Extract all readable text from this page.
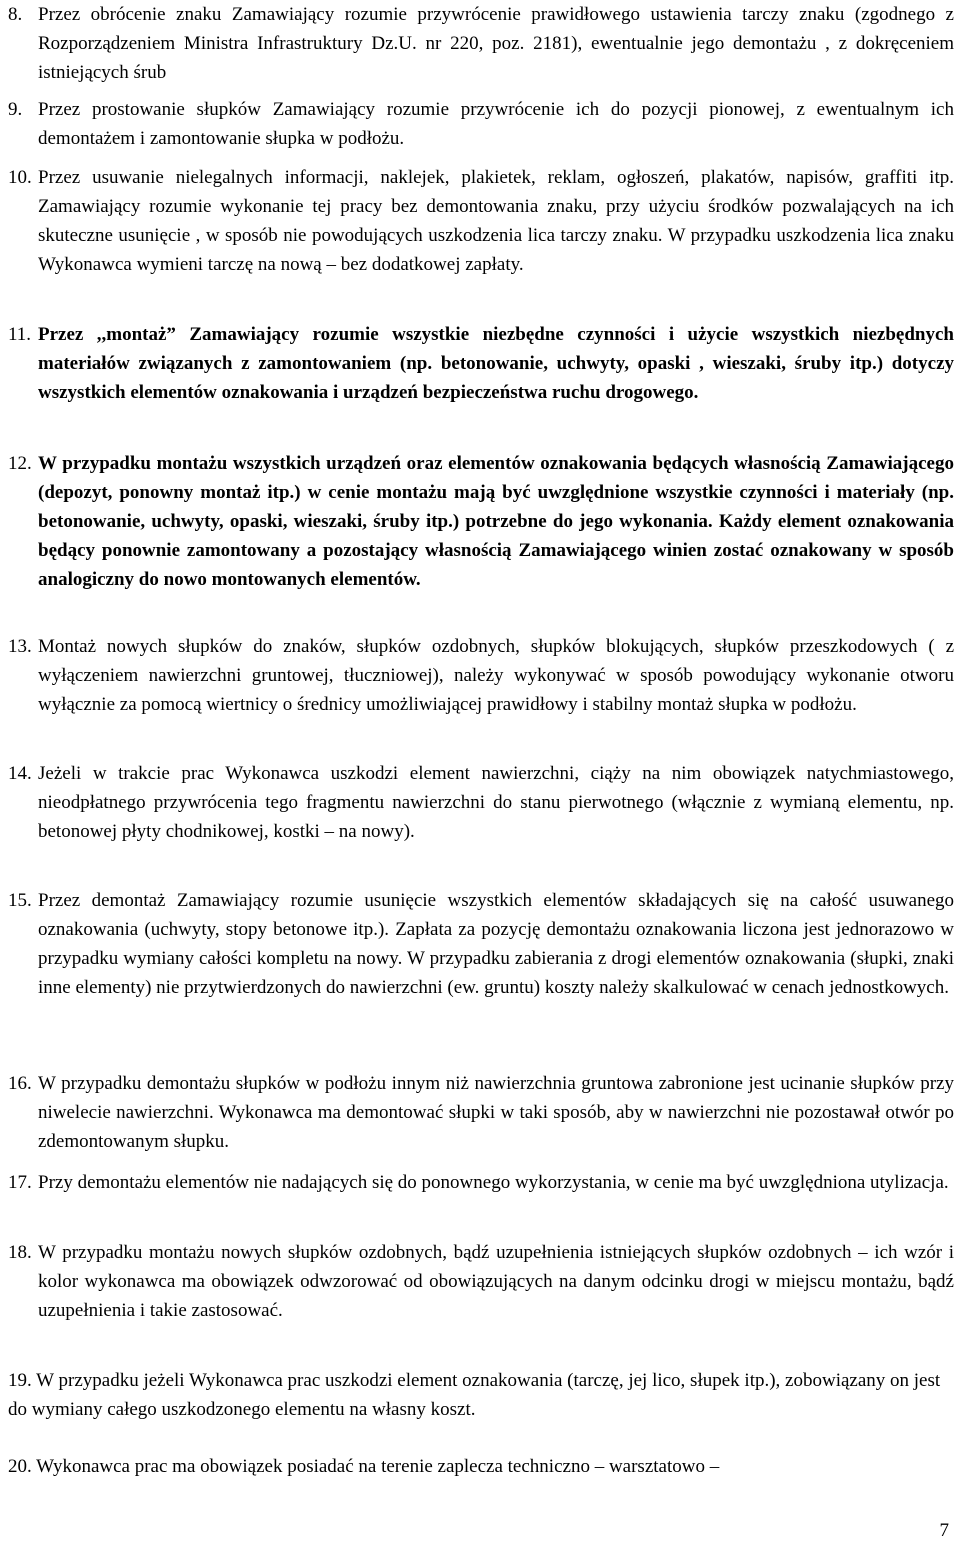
8. Przez obrócenie znaku Zamawiający rozumie przywrócenie prawidłowego ustawienia tarczy znaku (zgodnego z Rozporządzeniem Ministra Infrastruktury Dz.U. nr 220, poz. 2181), ewentualnie jego demontażu , z dokręceniem istniejących śrub
9. Przez prostowanie słupków Zamawiający rozumie przywrócenie ich do pozycji pionowej, z ewentualnym ich demontażem i zamontowanie słupka w podłożu.
10. Przez usuwanie nielegalnych informacji, naklejek, plakietek, reklam, ogłoszeń, plakatów, napisów, graffiti itp. Zamawiający rozumie wykonanie tej pracy bez demontowania znaku, przy użyciu środków pozwalających na ich skuteczne usunięcie , w sposób nie powodujących uszkodzenia lica tarczy znaku. W przypadku uszkodzenia lica znaku Wykonawca wymieni tarczę na nową – bez dodatkowej zapłaty.
11. Przez ,,montaż” Zamawiający rozumie wszystkie niezbędne czynności i użycie wszystkich niezbędnych materiałów związanych z zamontowaniem (np. betonowanie, uchwyty, opaski , wieszaki, śruby itp.) dotyczy wszystkich elementów oznakowania i urządzeń bezpieczeństwa ruchu drogowego.
12. W przypadku montażu wszystkich urządzeń oraz elementów oznakowania będących własnością Zamawiającego (depozyt, ponowny montaż itp.) w cenie montażu mają być uwzględnione wszystkie czynności i materiały (np. betonowanie, uchwyty, opaski, wieszaki, śruby itp.) potrzebne do jego wykonania. Każdy element oznakowania będący ponownie zamontowany a pozostający własnością Zamawiającego winien zostać oznakowany w sposób analogiczny do nowo montowanych elementów.
13. Montaż nowych słupków do znaków, słupków ozdobnych, słupków blokujących, słupków przeszkodowych ( z wyłączeniem nawierzchni gruntowej, tłuczniowej), należy wykonywać w sposób powodujący wykonanie otworu wyłącznie za pomocą wiertnicy o średnicy umożliwiającej prawidłowy i stabilny montaż słupka w podłożu.
14. Jeżeli w trakcie prac Wykonawca uszkodzi element nawierzchni, ciąży na nim obowiązek natychmiastowego, nieodpłatnego przywrócenia tego fragmentu nawierzchni do stanu pierwotnego (włącznie z wymianą elementu, np. betonowej płyty chodnikowej, kostki – na nowy).
15. Przez demontaż Zamawiający rozumie usunięcie wszystkich elementów składających się na całość usuwanego oznakowania (uchwyty, stopy betonowe itp.). Zapłata za pozycję demontażu oznakowania liczona jest jednorazowo w przypadku wymiany całości kompletu na nowy. W przypadku zabierania z drogi elementów oznakowania (słupki, znaki inne elementy) nie przytwierdzonych do nawierzchni (ew. gruntu) koszty należy skalkulować w cenach jednostkowych.
16. W przypadku demontażu słupków w podłożu innym niż nawierzchnia gruntowa zabronione jest ucinanie słupków przy niwelecie nawierzchni. Wykonawca ma demontować słupki w taki sposób, aby w nawierzchni nie pozostawał otwór po zdemontowanym słupku.
17. Przy demontażu elementów nie nadających się do ponownego wykorzystania, w cenie ma być uwzględniona utylizacja.
18. W przypadku montażu nowych słupków ozdobnych, bądź uzupełnienia istniejących słupków ozdobnych – ich wzór i kolor wykonawca ma obowiązek odwzorować od obowiązujących na danym odcinku drogi w miejscu montażu, bądź uzupełnienia i takie zastosować.
19. W przypadku jeżeli Wykonawca prac uszkodzi element oznakowania (tarczę, jej lico, słupek itp.), zobowiązany on jest do wymiany całego uszkodzonego elementu na własny koszt.
20. Wykonawca prac ma obowiązek posiadać na terenie zaplecza techniczno – warsztatowo –
7
